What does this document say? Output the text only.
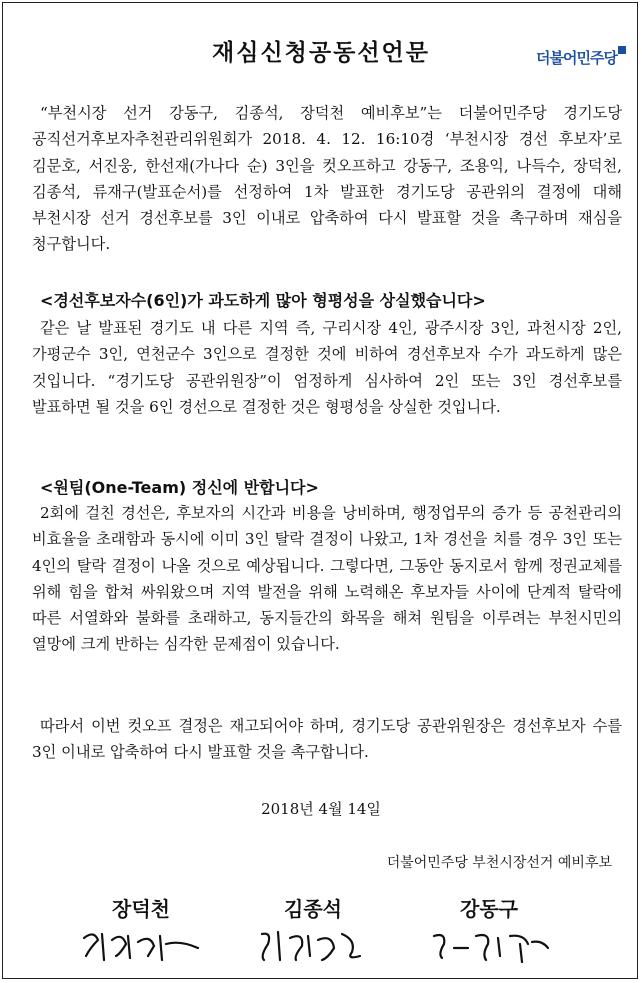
재심신청공동선언문	더불어민주당
“부천시장 선거 강동구, 김종석, 장덕천 예비후보”는 더불어민주당 경기도당 공직선거후보자추천관리위원회가 2018. 4. 12. 16:10경 ‘부천시장 경선 후보자’로 김문호, 서진웅, 한선재(가나다 순) 3인을 컷오프하고 강동구, 조용익, 나득수, 장덕천, 김종석, 류재구(발표순서)를 선정하여 1차 발표한 경기도당 공관위의 결정에 대해 부천시장 선거 경선후보를 3인 이내로 압축하여 다시 발표할 것을 촉구하며 재심을 청구합니다.
<경선후보자수(6인)가 과도하게 많아 형평성을 상실했습니다>
같은 날 발표된 경기도 내 다른 지역 즉, 구리시장 4인, 광주시장 3인, 과천시장 2인, 가평군수 3인, 연천군수 3인으로 결정한 것에 비하여 경선후보자 수가 과도하게 많은 것입니다. “경기도당 공관위원장”이 엄정하게 심사하여 2인 또는 3인 경선후보를 발표하면 될 것을 6인 경선으로 결정한 것은 형평성을 상실한 것입니다.
<원팀(One-Team) 정신에 반합니다>
2회에 걸친 경선은, 후보자의 시간과 비용을 낭비하며, 행정업무의 증가 등 공천관리의 비효율을 초래함과 동시에 이미 3인 탈락 결정이 나왔고, 1차 경선을 치를 경우 3인 또는 4인의 탈락 결정이 나올 것으로 예상됩니다. 그렇다면, 그동안 동지로서 함께 정권교체를 위해 힘을 합쳐 싸워왔으며 지역 발전을 위해 노력해온 후보자들 사이에 단계적 탈락에 따른 서열화와 불화를 초래하고, 동지들간의 화목을 해쳐 원팀을 이루려는 부천시민의 열망에 크게 반하는 심각한 문제점이 있습니다.
따라서 이번 컷오프 결정은 재고되어야 하며, 경기도당 공관위원장은 경선후보자 수를 3인 이내로 압축하여 다시 발표할 것을 촉구합니다.
2018년 4월 14일
더불어민주당 부천시장선거 예비후보
장덕천	김종석	강동구
